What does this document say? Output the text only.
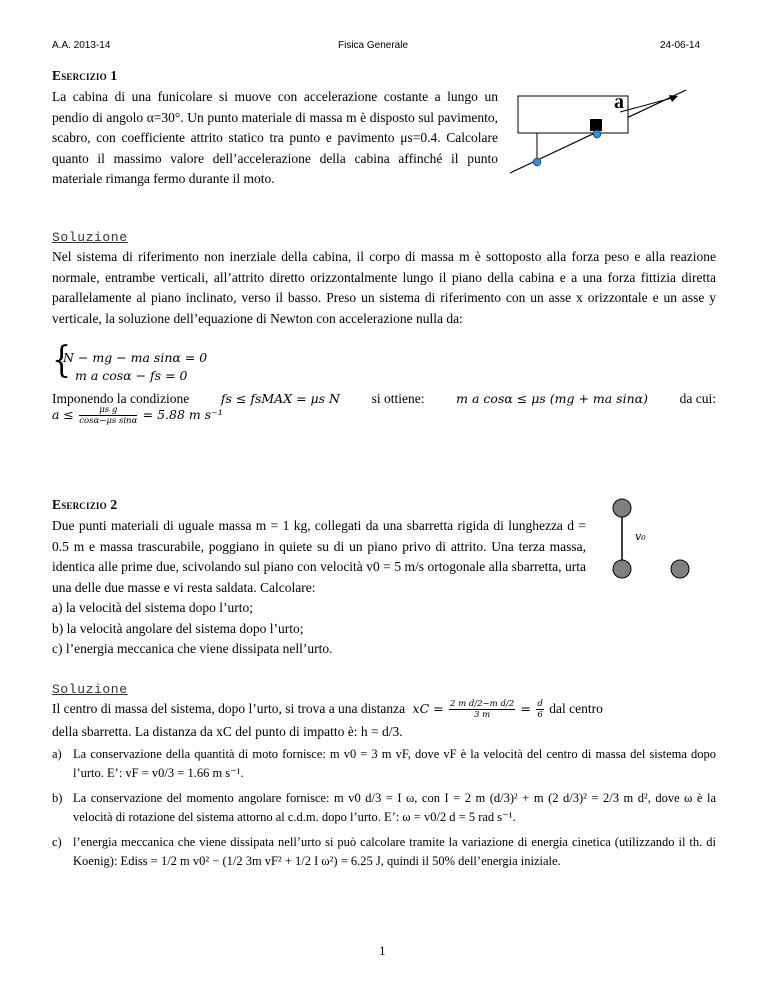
A.A. 2013-14	Fisica Generale	24-06-14
Esercizio 1
La cabina di una funicolare si muove con accelerazione costante a lungo un pendio di angolo α=30°. Un punto materiale di massa m è disposto sul pavimento, scabro, con coefficiente attrito statico tra punto e pavimento μs=0.4. Calcolare quanto il massimo valore dell’accelerazione della cabina affinché il punto materiale rimanga fermo durante il moto.
a
Soluzione
Nel sistema di riferimento non inerziale della cabina, il corpo di massa m è sottoposto alla forza peso e alla reazione normale, entrambe verticali, all’attrito diretto orizzontalmente lungo il piano della cabina e a una forza fittizia diretta parallelamente al piano inclinato, verso il basso. Preso un sistema di riferimento con un asse x orizzontale e un asse y verticale, la soluzione dell’equazione di Newton con accelerazione nulla da:
{
N − mg − ma sinα = 0
m a cosα − fs = 0
Imponendo la condizione	fs ≤ fsMAX = μs N si ottiene:	m a cosα ≤ μs (mg + ma sinα) da cui:
$a \le \frac{\text{μs g}}{\text{cosα−μs sinα}} = 5.88$ m s⁻¹
Esercizio 2
Due punti materiali di uguale massa m = 1 kg, collegati da una sbarretta rigida di lunghezza d = 0.5 m e massa trascurabile, poggiano in quiete su di un piano privo di attrito. Una terza massa, identica alle prime due, scivolando sul piano con velocità v0 = 5 m/s ortogonale alla sbarretta, urta una delle due masse e vi resta saldata. Calcolare:
a) la velocità del sistema dopo l’urto;
b) la velocità angolare del sistema dopo l’urto;
c) l’energia meccanica che viene dissipata nell’urto.
v₀
Soluzione
Il centro di massa del sistema, dopo l’urto, si trova a una distanza xC = $\frac{\text{2 m d/2−m d/2}}{3 m} = \frac{d}{6}$ dal centro
della sbarretta. La distanza da xC del punto di impatto è: h = d/3.
a) La conservazione della quantità di moto fornisce: m v0 = 3 m vF, dove vF è la velocità del centro di massa del sistema dopo l’urto. E’: vF = v0/3 = 1.66 m s⁻¹.
b) La conservazione del momento angolare fornisce: m v0 d/3 = I ω, con I = 2 m (d/3)² + m (2 d/3)² = 2/3 m d², dove ω è la velocità di rotazione del sistema attorno al c.d.m. dopo l’urto. E’: ω = v0/2 d = 5 rad s⁻¹.
c) l’energia meccanica che viene dissipata nell’urto si può calcolare tramite la variazione di energia cinetica (utilizzando il th. di Koenig): Ediss = 1/2 m v0² − (1/2 3m vF² + 1/2 I ω²) = 6.25 J, quindi il 50% dell’energia iniziale.
1
